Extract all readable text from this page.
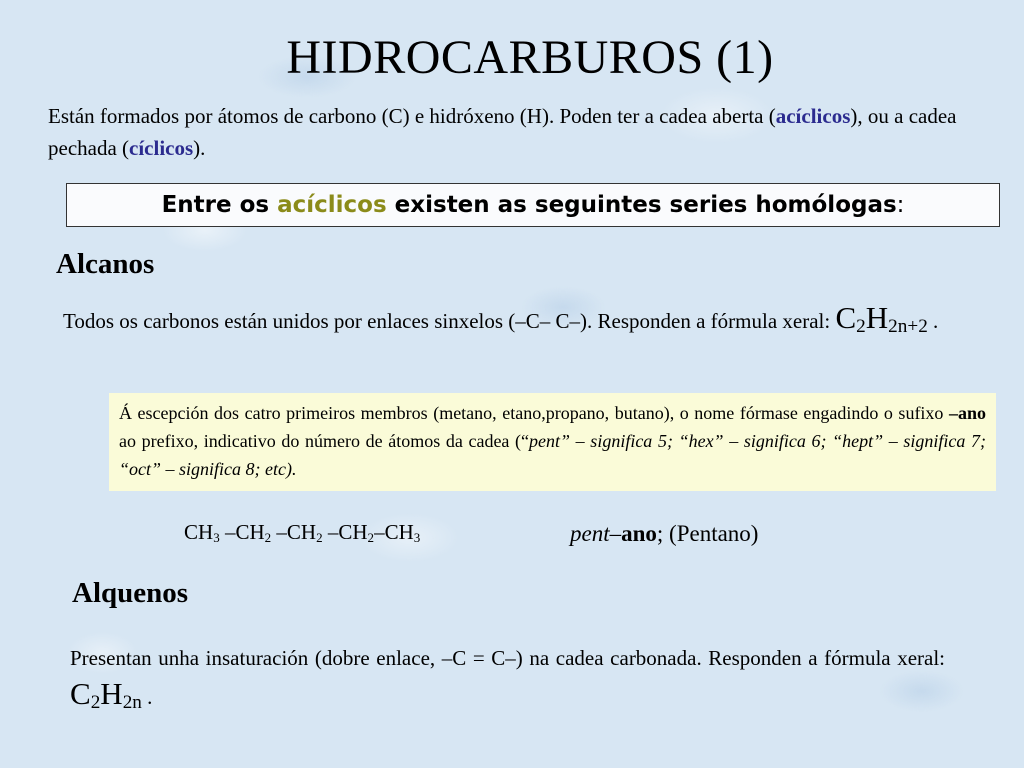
HIDROCARBUROS (1)
Están formados por átomos de carbono (C) e hidróxeno (H). Poden ter a cadea aberta (acíclicos), ou a cadea pechada (cíclicos).
Entre os acíclicos existen as seguintes series homólogas:
Alcanos
Todos os carbonos están unidos por enlaces sinxelos (–C– C–). Responden a fórmula xeral: $C_2H_{2n+2}$ .
Á escepción dos catro primeiros membros (metano, etano,propano, butano), o nome fórmase engadindo o sufixo –ano ao prefixo, indicativo do número de átomos da cadea (“pent” – significa 5; “hex” – significa 6; “hept” – significa 7; “oct” – significa 8; etc).
$CH_3$ $-CH_2$ $-CH_2$ $-CH_2-CH_3$	pent–ano; (Pentano)
Alquenos
Presentan unha insaturación (dobre enlace, –C = C–) na cadea carbonada. Responden a fórmula xeral: $C_2H_{2n}$ .
